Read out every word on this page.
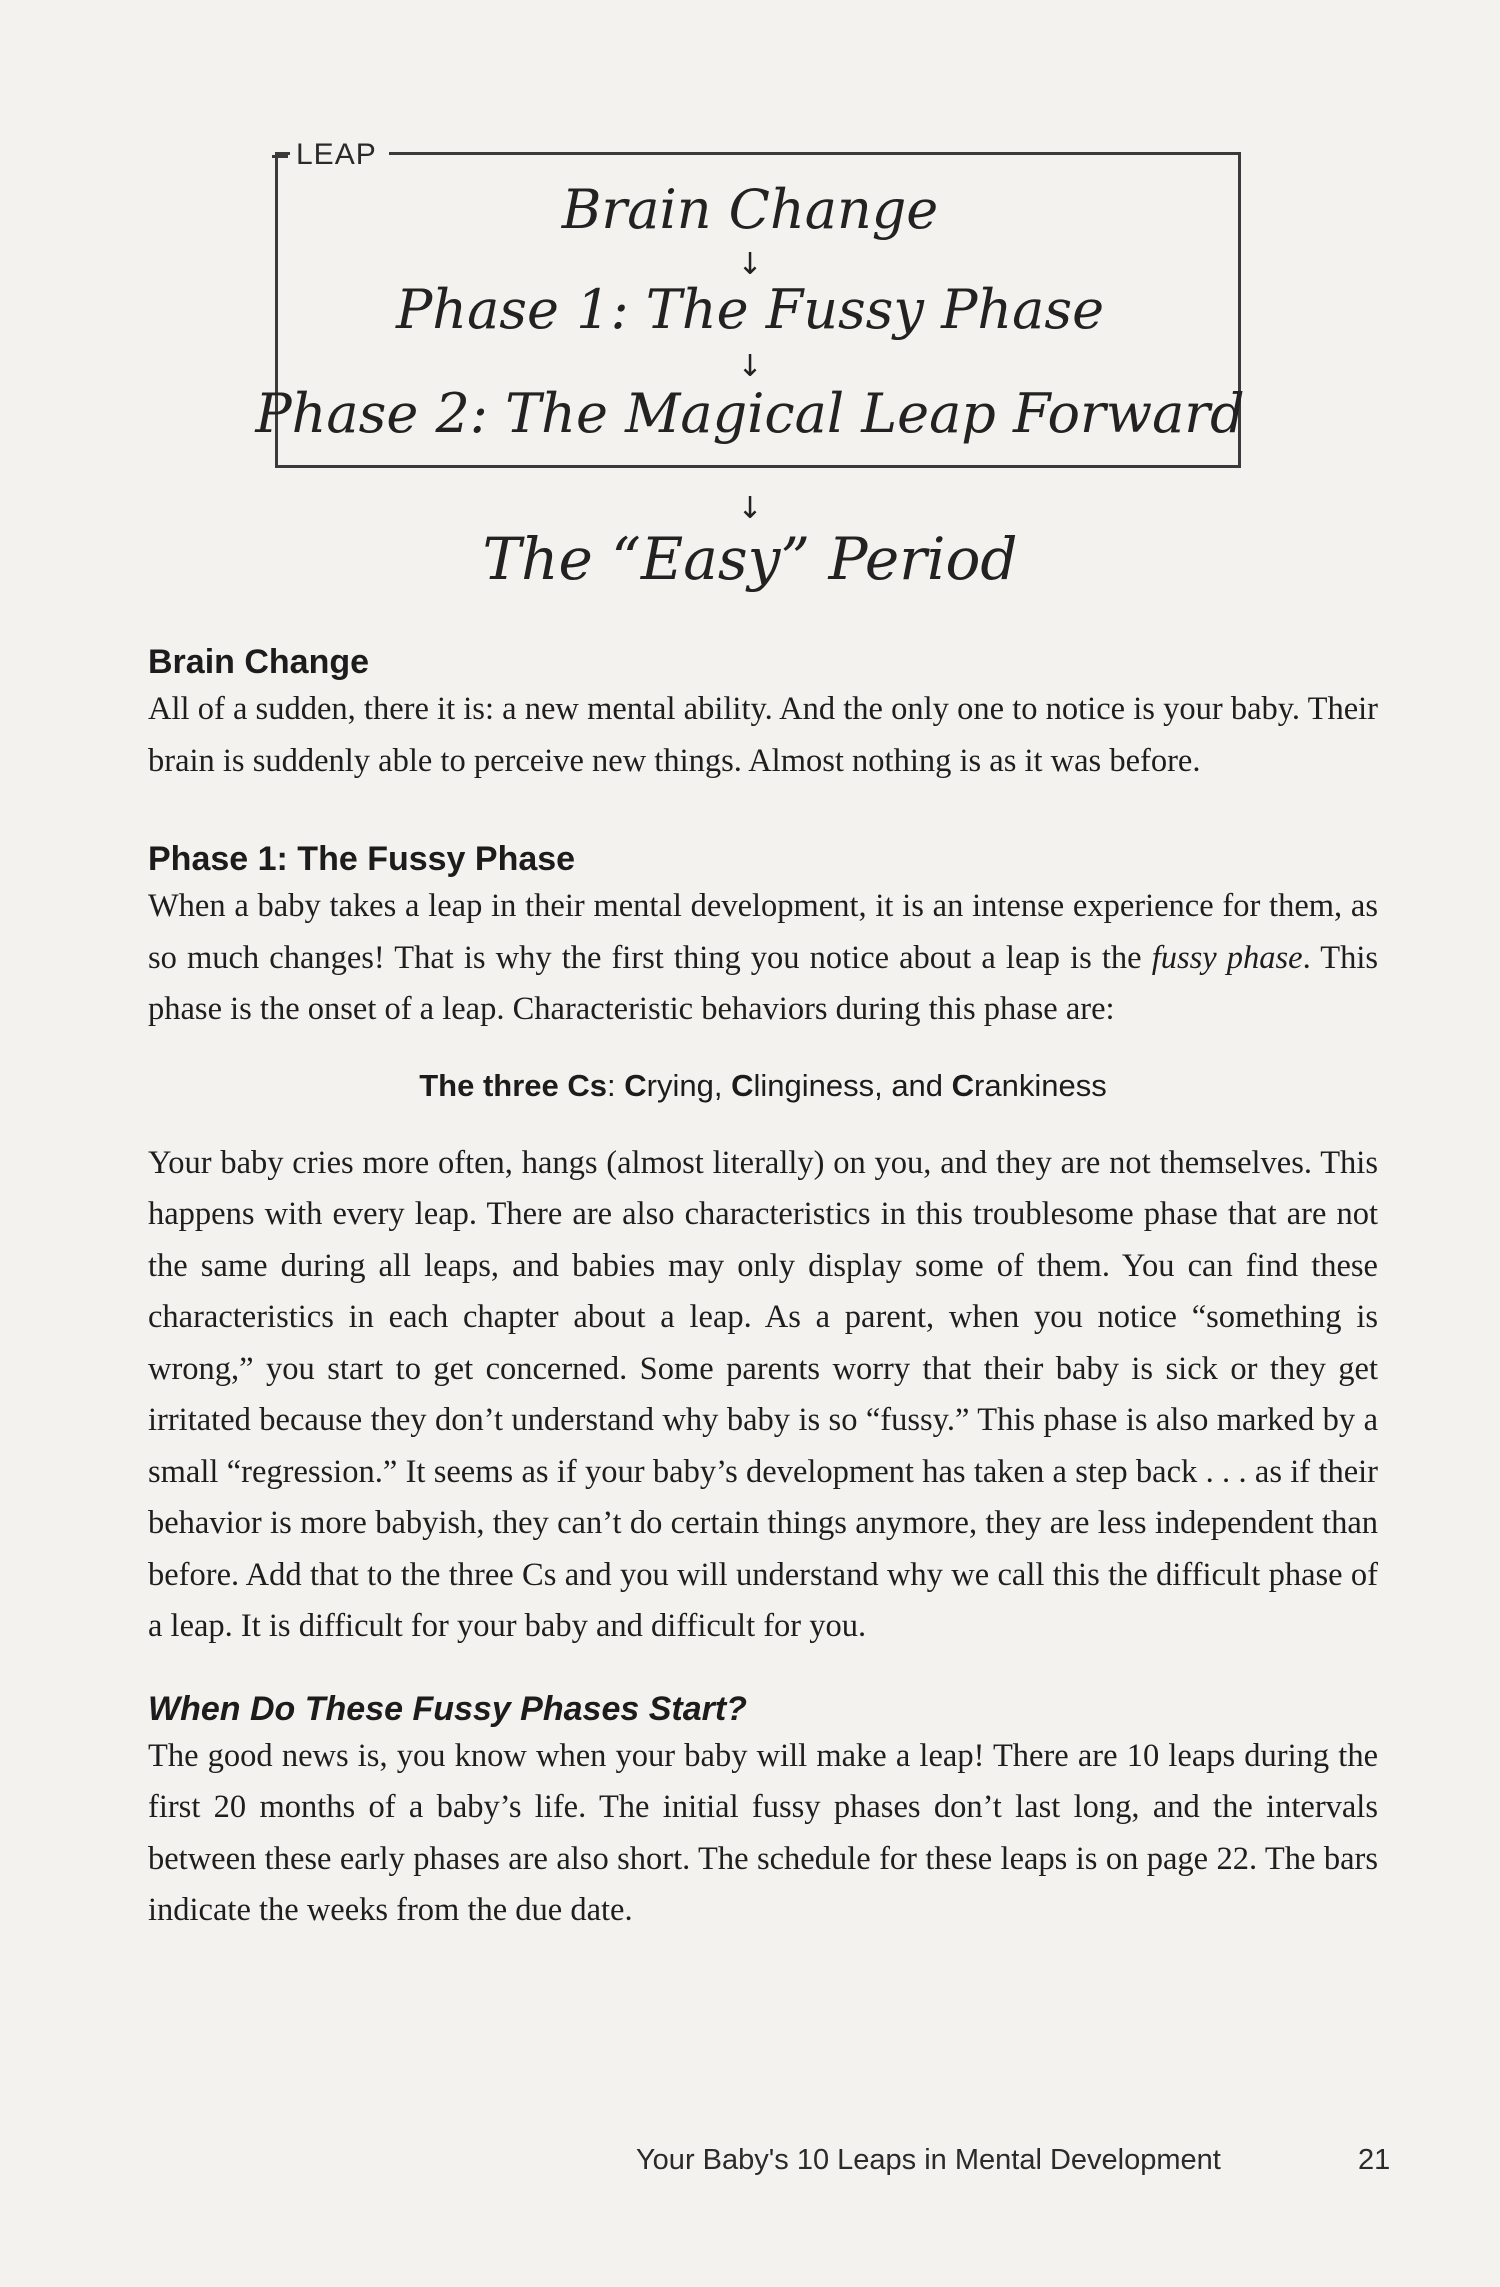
LEAP
Brain Change
↓
Phase 1: The Fussy Phase
↓
Phase 2: The Magical Leap Forward
↓
The “Easy” Period
Brain Change

All of a sudden, there it is: a new mental ability. And the only one to notice is your baby. Their brain is suddenly able to perceive new things. Almost nothing is as it was before.

Phase 1: The Fussy Phase

When a baby takes a leap in their mental development, it is an intense experience for them, as so much changes! That is why the first thing you notice about a leap is the fussy phase. This phase is the onset of a leap. Characteristic behaviors during this phase are:

The three Cs: Crying, Clinginess, and Crankiness

Your baby cries more often, hangs (almost literally) on you, and they are not themselves. This happens with every leap. There are also characteristics in this troublesome phase that are not the same during all leaps, and babies may only display some of them. You can find these characteristics in each chapter about a leap. As a parent, when you notice “something is wrong,” you start to get concerned. Some parents worry that their baby is sick or they get irritated because they don’t understand why baby is so “fussy.” This phase is also marked by a small “regression.” It seems as if your baby’s development has taken a step back . . . as if their behavior is more babyish, they can’t do certain things anymore, they are less independent than before. Add that to the three Cs and you will understand why we call this the difficult phase of a leap. It is difficult for your baby and difficult for you.

When Do These Fussy Phases Start?

The good news is, you know when your baby will make a leap! There are 10 leaps during the first 20 months of a baby’s life. The initial fussy phases don’t last long, and the intervals between these early phases are also short. The schedule for these leaps is on page 22. The bars indicate the weeks from the due date.

Your Baby's 10 Leaps in Mental Development	21
